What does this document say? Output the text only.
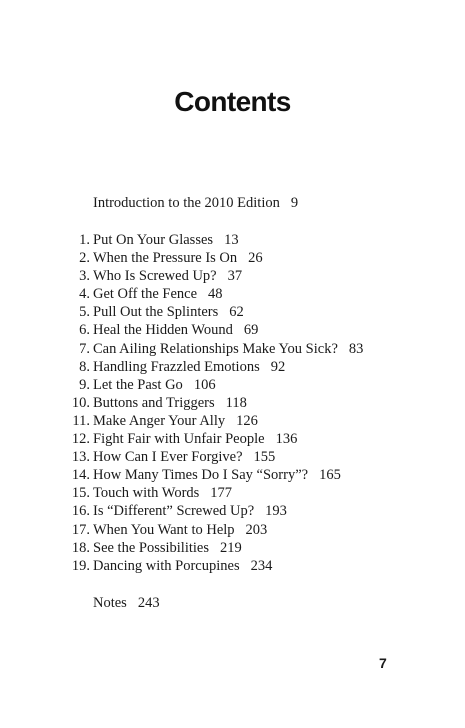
Contents
Introduction to the 2010 Edition 9
1. Put On Your Glasses 13
2. When the Pressure Is On 26
3. Who Is Screwed Up? 37
4. Get Off the Fence 48
5. Pull Out the Splinters 62
6. Heal the Hidden Wound 69
7. Can Ailing Relationships Make You Sick? 83
8. Handling Frazzled Emotions 92
9. Let the Past Go 106
10. Buttons and Triggers 118
11. Make Anger Your Ally 126
12. Fight Fair with Unfair People 136
13. How Can I Ever Forgive? 155
14. How Many Times Do I Say “Sorry”? 165
15. Touch with Words 177
16. Is “Different” Screwed Up? 193
17. When You Want to Help 203
18. See the Possibilities 219
19. Dancing with Porcupines 234
Notes 243
7
